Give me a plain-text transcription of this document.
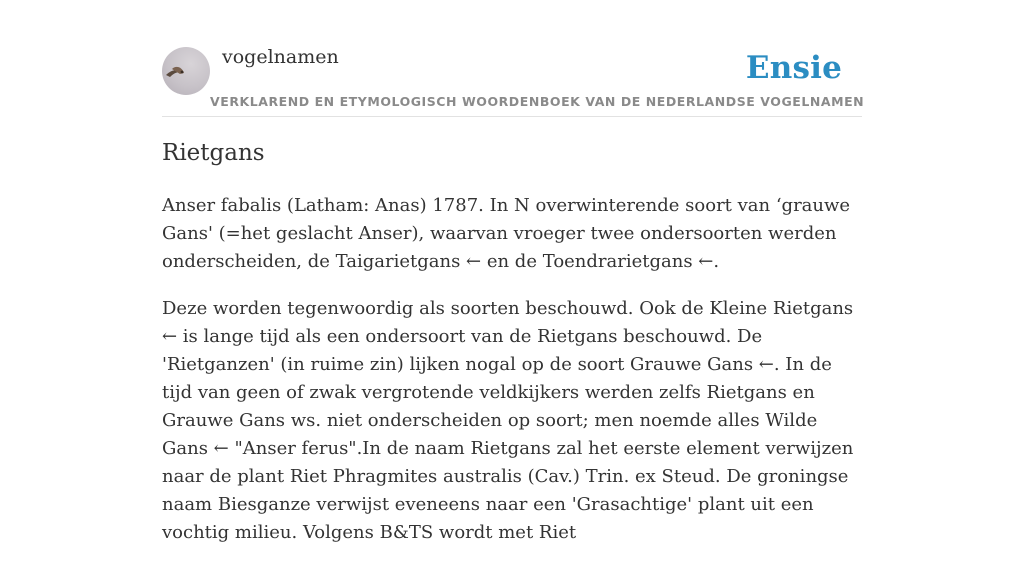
vogelnamen	Ensie
VERKLAREND EN ETYMOLOGISCH WOORDENBOEK VAN DE NEDERLANDSE VOGELNAMEN
Rietgans

Anser fabalis (Latham: Anas) 1787. In N overwinterende soort van ‘grauwe Gans' (=het geslacht Anser), waarvan vroeger twee ondersoorten werden onderscheiden, de Taigarietgans ← en de Toendrarietgans ←.

Deze worden tegenwoordig als soorten beschouwd. Ook de Kleine Rietgans ← is lange tijd als een ondersoort van de Rietgans beschouwd. De 'Rietganzen' (in ruime zin) lijken nogal op de soort Grauwe Gans ←. In de tijd van geen of zwak vergrotende veldkijkers werden zelfs Rietgans en Grauwe Gans ws. niet onderscheiden op soort; men noemde alles Wilde Gans ← "Anser ferus".In de naam Rietgans zal het eerste element verwijzen naar de plant Riet Phragmites australis (Cav.) Trin. ex Steud. De groningse naam Biesganze verwijst eveneens naar een 'Grasachtige' plant uit een vochtig milieu. Volgens B&TS wordt met Riet
